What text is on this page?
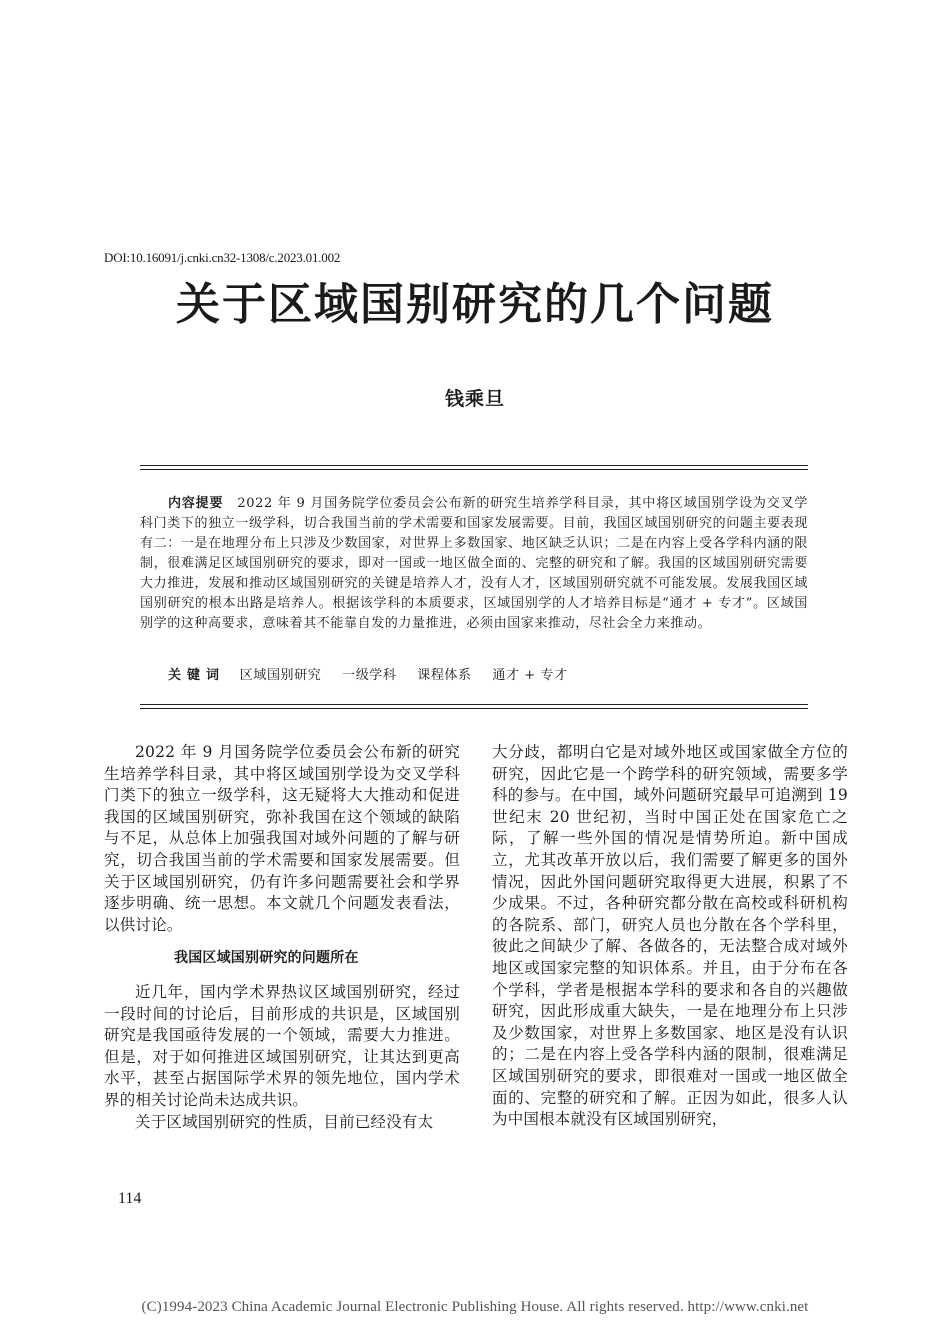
DOI:10.16091/j.cnki.cn32-1308/c.2023.01.002
关于区域国别研究的几个问题
钱乘旦
内容提要 2022 年 9 月国务院学位委员会公布新的研究生培养学科目录，其中将区域国别学设为交叉学科门类下的独立一级学科，切合我国当前的学术需要和国家发展需要。目前，我国区域国别研究的问题主要表现有二：一是在地理分布上只涉及少数国家，对世界上多数国家、地区缺乏认识；二是在内容上受各学科内涵的限制，很难满足区域国别研究的要求，即对一国或一地区做全面的、完整的研究和了解。我国的区域国别研究需要大力推进，发展和推动区域国别研究的关键是培养人才，没有人才，区域国别研究就不可能发展。发展我国区域国别研究的根本出路是培养人。根据该学科的本质要求，区域国别学的人才培养目标是“通才 + 专才”。区域国别学的这种高要求，意味着其不能靠自发的力量推进，必须由国家来推动，尽社会全力来推动。
关键词 区域国别研究 一级学科 课程体系 通才 + 专才

2022 年 9 月国务院学位委员会公布新的研究生培养学科目录，其中将区域国别学设为交叉学科门类下的独立一级学科，这无疑将大大推动和促进我国的区域国别研究，弥补我国在这个领域的缺陷与不足，从总体上加强我国对域外问题的了解与研究，切合我国当前的学术需要和国家发展需要。但关于区域国别研究，仍有许多问题需要社会和学界逐步明确、统一思想。本文就几个问题发表看法，以供讨论。

我国区域国别研究的问题所在

近几年，国内学术界热议区域国别研究，经过一段时间的讨论后，目前形成的共识是，区域国别研究是我国亟待发展的一个领域，需要大力推进。但是，对于如何推进区域国别研究，让其达到更高水平，甚至占据国际学术界的领先地位，国内学术界的相关讨论尚未达成共识。

关于区域国别研究的性质，目前已经没有太

大分歧，都明白它是对域外地区或国家做全方位的研究，因此它是一个跨学科的研究领域，需要多学科的参与。在中国，域外问题研究最早可追溯到 19 世纪末 20 世纪初，当时中国正处在国家危亡之际，了解一些外国的情况是情势所迫。新中国成立，尤其改革开放以后，我们需要了解更多的国外情况，因此外国问题研究取得更大进展，积累了不少成果。不过，各种研究都分散在高校或科研机构的各院系、部门，研究人员也分散在各个学科里，彼此之间缺少了解、各做各的，无法整合成对域外地区或国家完整的知识体系。并且，由于分布在各个学科，学者是根据本学科的要求和各自的兴趣做研究，因此形成重大缺失，一是在地理分布上只涉及少数国家，对世界上多数国家、地区是没有认识的；二是在内容上受各学科内涵的限制，很难满足区域国别研究的要求，即很难对一国或一地区做全面的、完整的研究和了解。正因为如此，很多人认为中国根本就没有区域国别研究，

114
(C)1994-2023 China Academic Journal Electronic Publishing House. All rights reserved. http://www.cnki.net
